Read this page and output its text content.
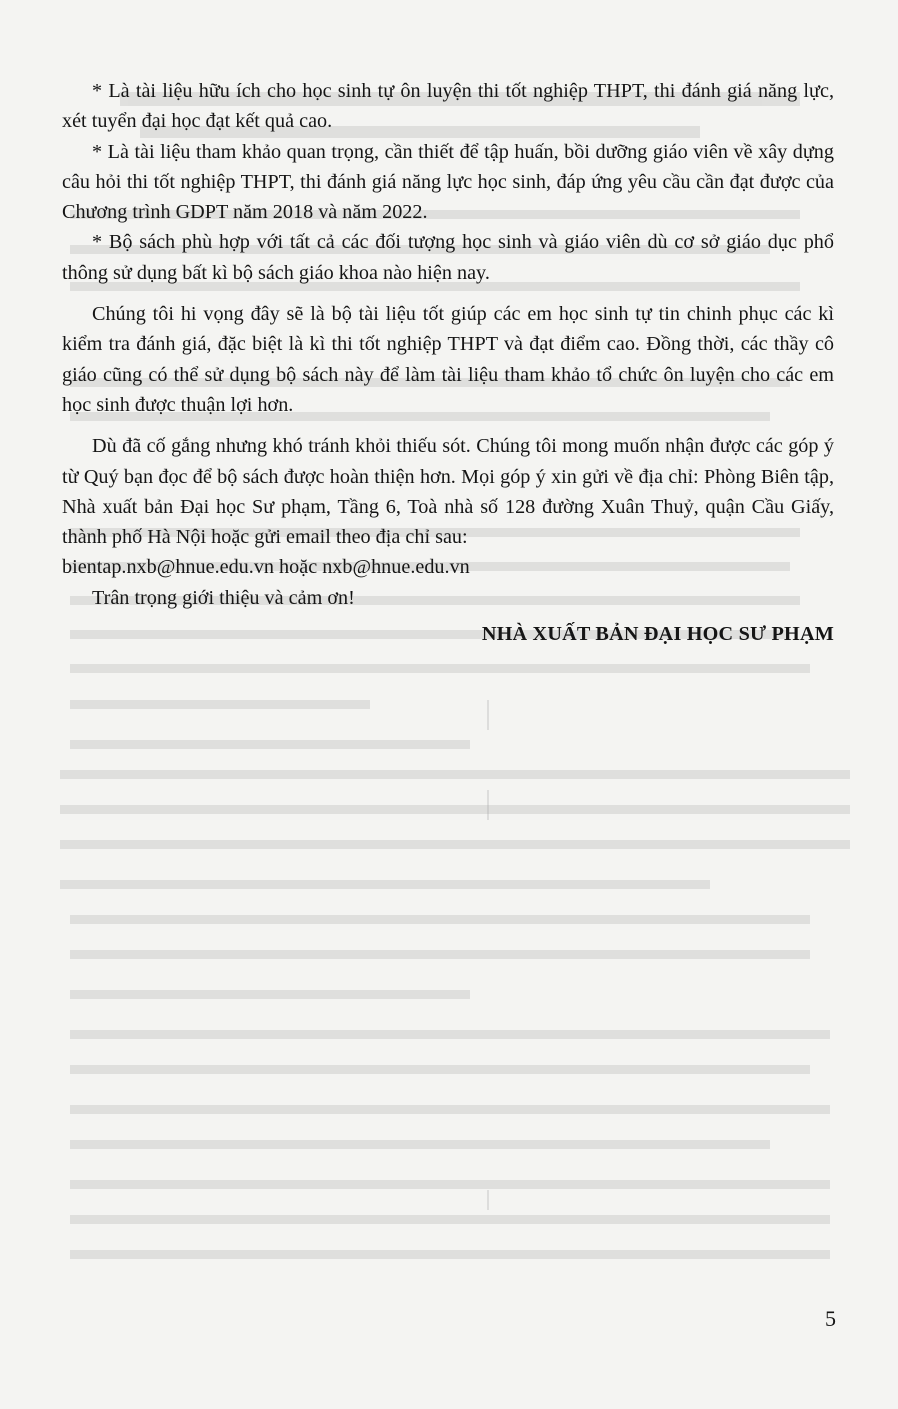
* Là tài liệu hữu ích cho học sinh tự ôn luyện thi tốt nghiệp THPT, thi đánh giá năng lực, xét tuyển đại học đạt kết quả cao.

* Là tài liệu tham khảo quan trọng, cần thiết để tập huấn, bồi dưỡng giáo viên về xây dựng câu hỏi thi tốt nghiệp THPT, thi đánh giá năng lực học sinh, đáp ứng yêu cầu cần đạt được của Chương trình GDPT năm 2018 và năm 2022.

* Bộ sách phù hợp với tất cả các đối tượng học sinh và giáo viên dù cơ sở giáo dục phổ thông sử dụng bất kì bộ sách giáo khoa nào hiện nay.

Chúng tôi hi vọng đây sẽ là bộ tài liệu tốt giúp các em học sinh tự tin chinh phục các kì kiểm tra đánh giá, đặc biệt là kì thi tốt nghiệp THPT và đạt điểm cao. Đồng thời, các thầy cô giáo cũng có thể sử dụng bộ sách này để làm tài liệu tham khảo tổ chức ôn luyện cho các em học sinh được thuận lợi hơn.

Dù đã cố gắng nhưng khó tránh khỏi thiếu sót. Chúng tôi mong muốn nhận được các góp ý từ Quý bạn đọc để bộ sách được hoàn thiện hơn. Mọi góp ý xin gửi về địa chỉ: Phòng Biên tập, Nhà xuất bản Đại học Sư phạm, Tầng 6, Toà nhà số 128 đường Xuân Thuỷ, quận Cầu Giấy, thành phố Hà Nội hoặc gửi email theo địa chỉ sau:

bientap.nxb@hnue.edu.vn hoặc nxb@hnue.edu.vn

Trân trọng giới thiệu và cảm ơn!

NHÀ XUẤT BẢN ĐẠI HỌC SƯ PHẠM

5
